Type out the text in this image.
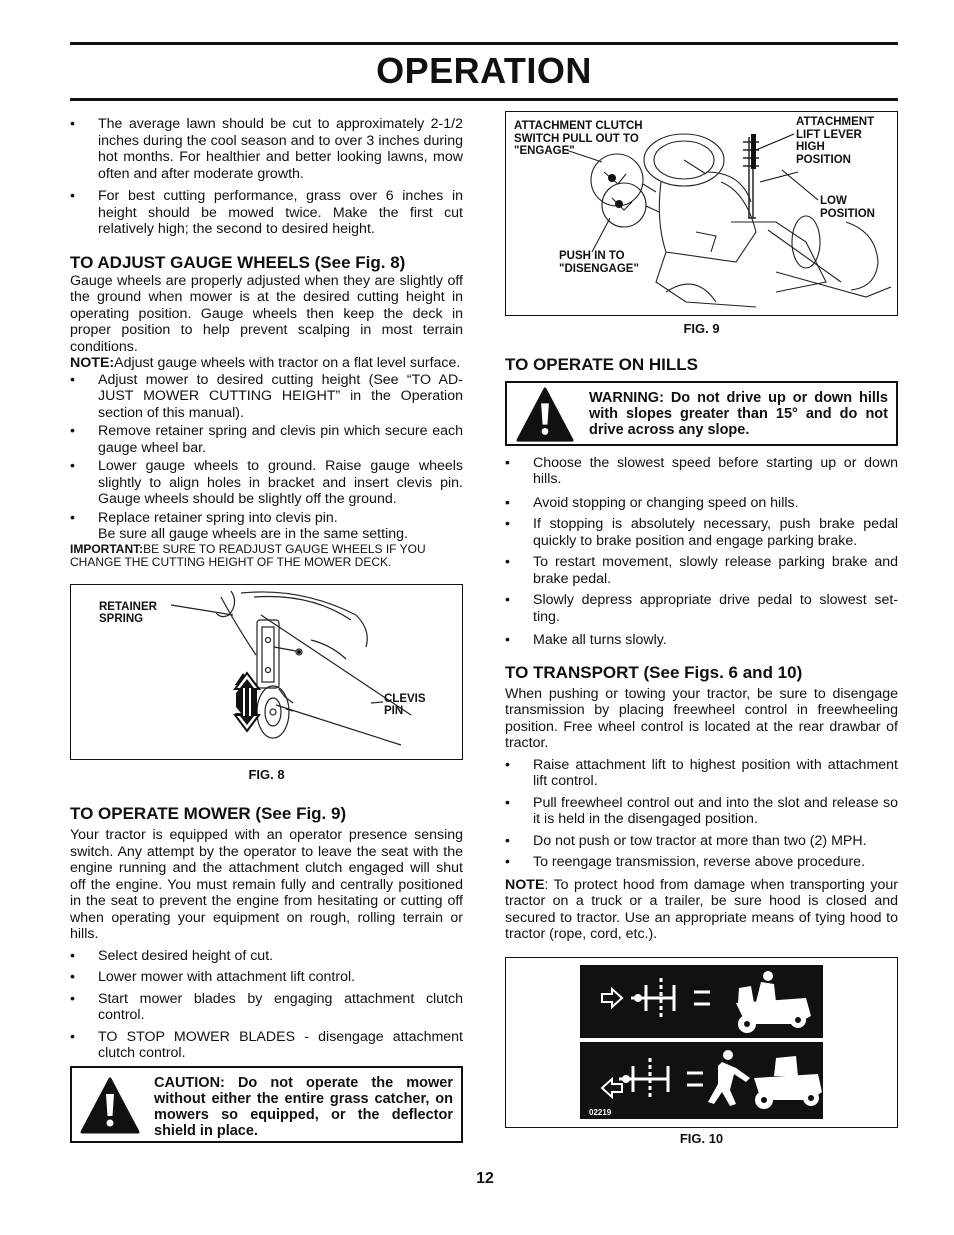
OPERATION
• The average lawn should be cut to approximately 2-1/2 inches during the cool season and to over 3 inches during hot months. For healthier and better looking lawns, mow often and after moderate growth.
• For best cutting performance, grass over 6 inches in height should be mowed twice. Make the first cut relatively high; the second to desired height.
TO ADJUST GAUGE WHEELS (See Fig. 8)

Gauge wheels are properly adjusted when they are slightly off the ground when mower is at the desired cutting height in operating position. Gauge wheels then keep the deck in proper position to help prevent scalping in most terrain conditions.

NOTE:Adjust gauge wheels with tractor on a flat level surface.

• Adjust mower to desired cutting height (See “TO AD-JUST MOWER CUTTING HEIGHT” in the Operation section of this manual).
• Remove retainer spring and clevis pin which secure each gauge wheel bar.
• Lower gauge wheels to ground. Raise gauge wheels slightly to align holes in bracket and insert clevis pin. Gauge wheels should be slightly off the ground.
• Replace retainer spring into clevis pin.

Be sure all gauge wheels are in the same setting.

IMPORTANT:BE SURE TO READJUST GAUGE WHEELS IF YOU CHANGE THE CUTTING HEIGHT OF THE MOWER DECK.

RETAINER
SPRING
CLEVIS
PIN

FIG. 8

TO OPERATE MOWER (See Fig. 9)

Your tractor is equipped with an operator presence sensing switch. Any attempt by the operator to leave the seat with the engine running and the attachment clutch engaged will shut off the engine. You must remain fully and centrally positioned in the seat to prevent the engine from hesitating or cutting off when operating your equipment on rough, rolling terrain or hills.

• Select desired height of cut.
• Lower mower with attachment lift control.
• Start mower blades by engaging attachment clutch control.
• TO STOP MOWER BLADES - disengage attachment clutch control.

CAUTION: Do not operate the mower without either the entire grass catcher, on mowers so equipped, or the deflector shield in place.

ATTACHMENT CLUTCH
SWITCH PULL OUT TO
"ENGAGE"
ATTACHMENT
LIFT LEVER
HIGH
POSITION
LOW
POSITION
PUSH IN TO
"DISENGAGE"

FIG. 9

TO OPERATE ON HILLS

WARNING: Do not drive up or down hills with slopes greater than 15° and do not drive across any slope.

• Choose the slowest speed before starting up or down hills.
• Avoid stopping or changing speed on hills.
• If stopping is absolutely necessary, push brake pedal quickly to brake position and engage parking brake.
• To restart movement, slowly release parking brake and brake pedal.
• Slowly depress appropriate drive pedal to slowest set-ting.
• Make all turns slowly.
TO TRANSPORT (See Figs. 6 and 10)

When pushing or towing your tractor, be sure to disengage transmission by placing freewheel control in freewheeling position. Free wheel control is located at the rear drawbar of tractor.

• Raise attachment lift to highest position with attachment lift control.
• Pull freewheel control out and into the slot and release so it is held in the disengaged position.
• Do not push or tow tractor at more than two (2) MPH.
• To reengage transmission, reverse above procedure.

NOTE: To protect hood from damage when transporting your tractor on a truck or a trailer, be sure hood is closed and secured to tractor. Use an appropriate means of tying hood to tractor (rope, cord, etc.).

02219

FIG. 10

12
